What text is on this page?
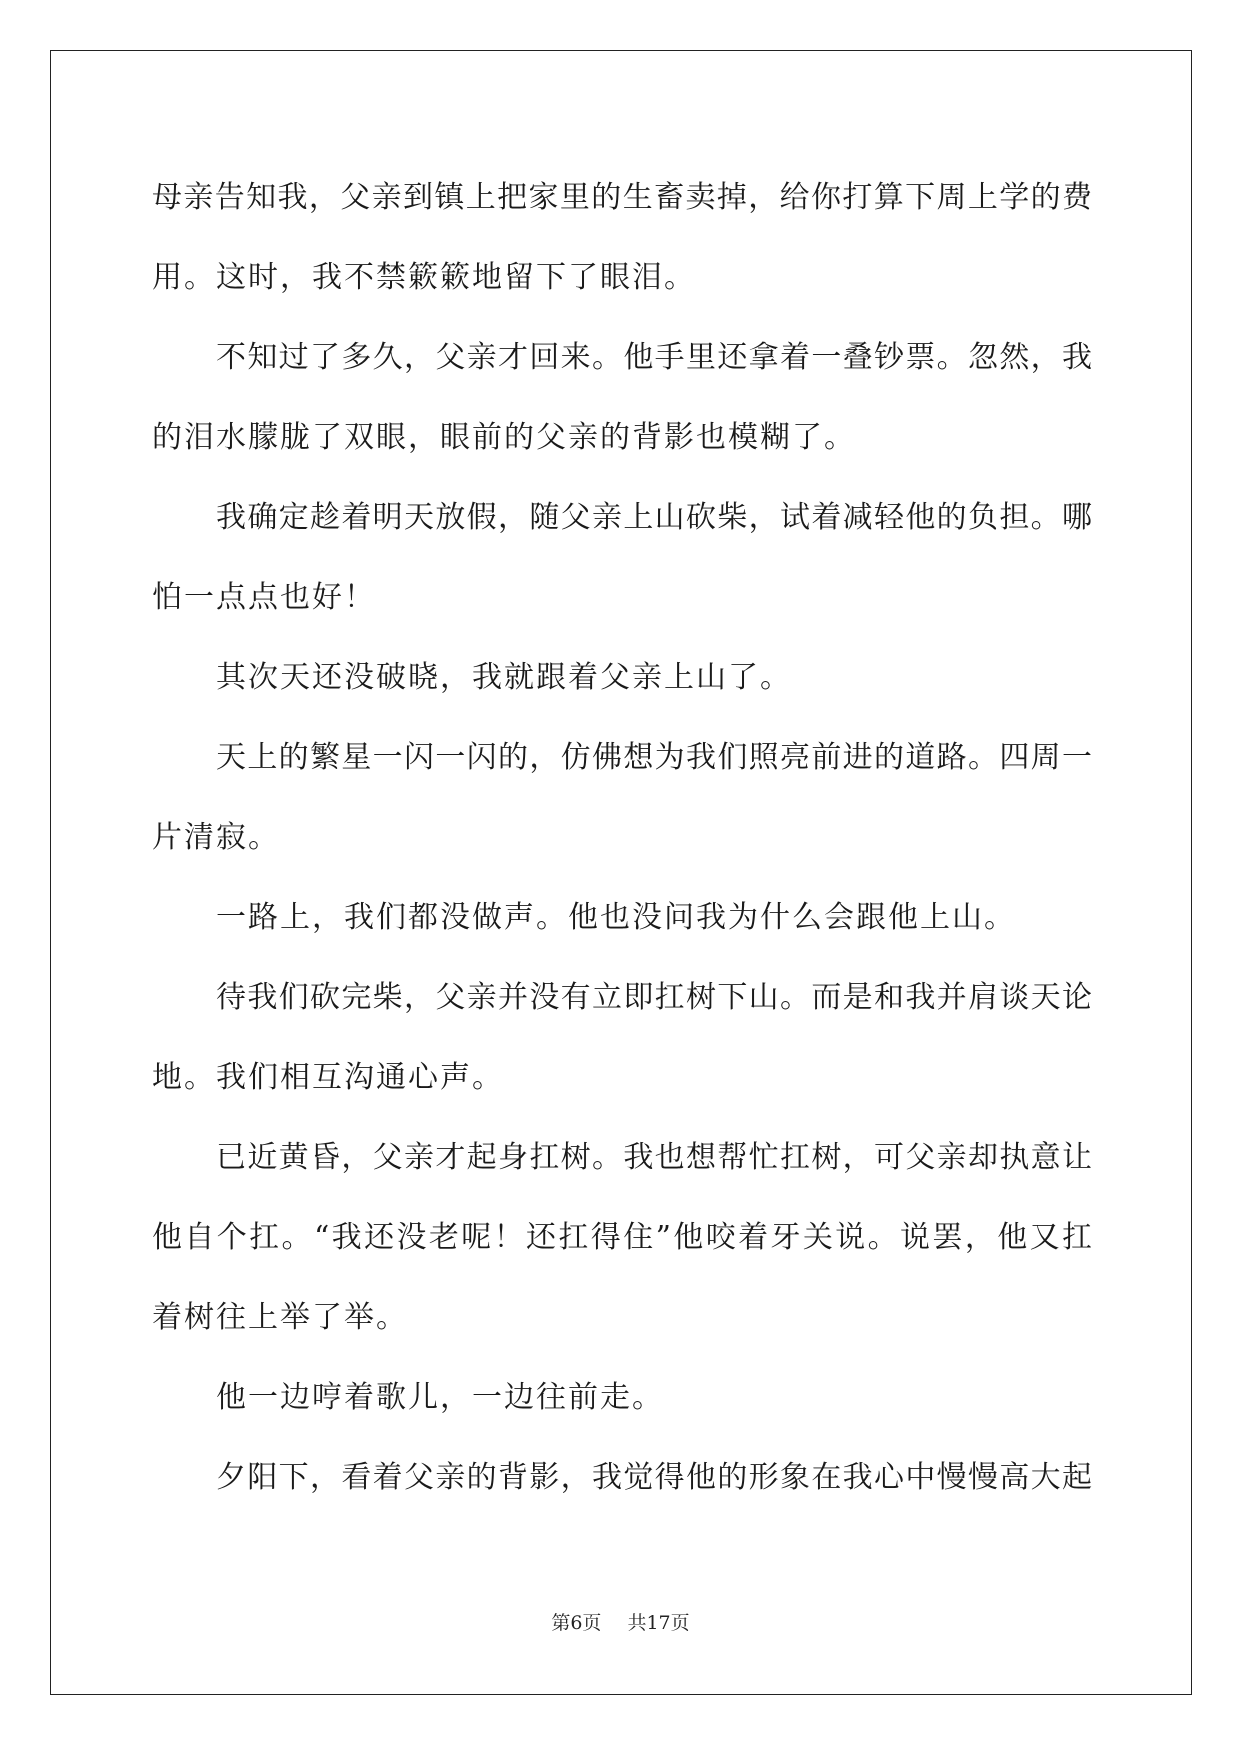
母亲告知我，父亲到镇上把家里的生畜卖掉，给你打算下周上学的费
用。这时，我不禁簌簌地留下了眼泪。
不知过了多久，父亲才回来。他手里还拿着一叠钞票。忽然，我
的泪水朦胧了双眼，眼前的父亲的背影也模糊了。
我确定趁着明天放假，随父亲上山砍柴，试着减轻他的负担。哪
怕一点点也好！
其次天还没破晓，我就跟着父亲上山了。
天上的繁星一闪一闪的，仿佛想为我们照亮前进的道路。四周一
片清寂。
一路上，我们都没做声。他也没问我为什么会跟他上山。
待我们砍完柴，父亲并没有立即扛树下山。而是和我并肩谈天论
地。我们相互沟通心声。
已近黄昏，父亲才起身扛树。我也想帮忙扛树，可父亲却执意让
他自个扛。“我还没老呢！还扛得住”他咬着牙关说。说罢，他又扛
着树往上举了举。
他一边哼着歌儿，一边往前走。
夕阳下，看着父亲的背影，我觉得他的形象在我心中慢慢高大起
第6页 共17页
